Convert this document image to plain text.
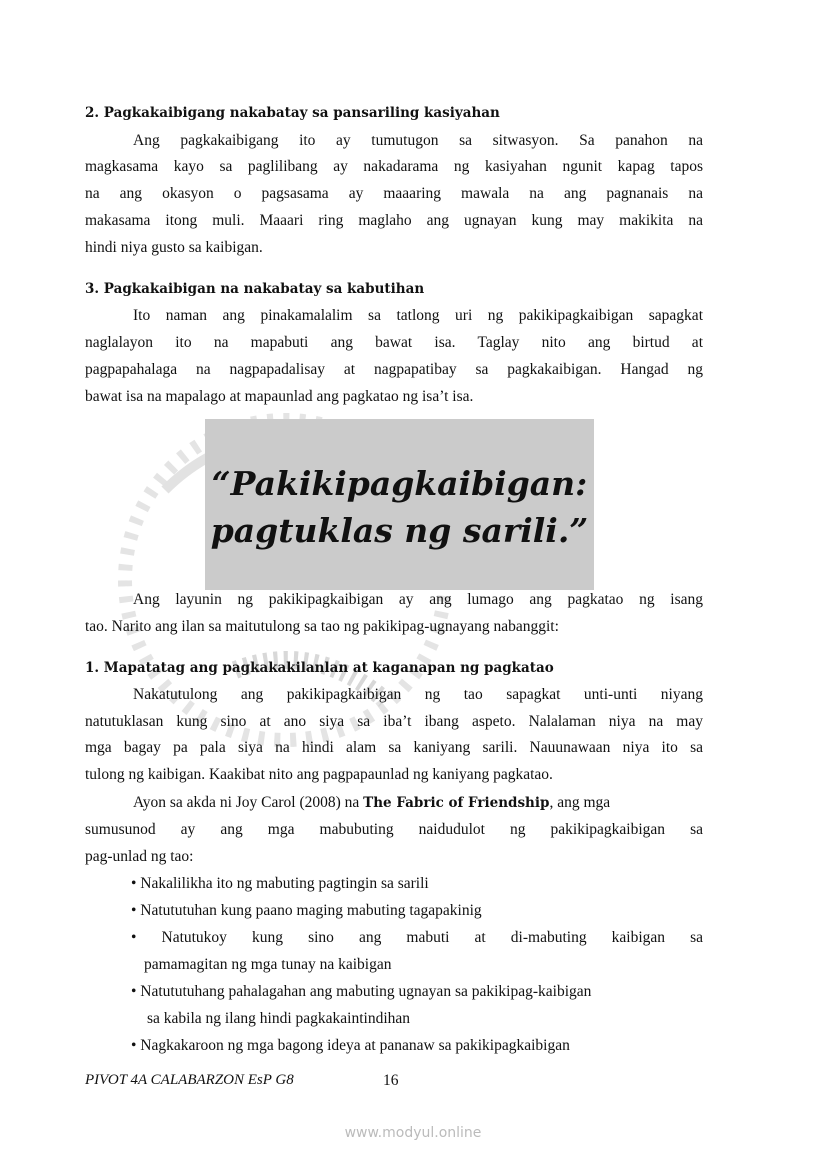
2. Pagkakaibigang nakabatay sa pansariling kasiyahan
Ang pagkakaibigang ito ay tumutugon sa sitwasyon. Sa panahon na
magkasama kayo sa paglilibang ay nakadarama ng kasiyahan ngunit kapag tapos
na ang okasyon o pagsasama ay maaaring mawala na ang pagnanais na
makasama itong muli. Maaari ring maglaho ang ugnayan kung may makikita na
hindi niya gusto sa kaibigan.
3. Pagkakaibigan na nakabatay sa kabutihan
Ito naman ang pinakamalalim sa tatlong uri ng pakikipagkaibigan sapagkat
naglalayon ito na mapabuti ang bawat isa. Taglay nito ang birtud at
pagpapahalaga na nagpapadalisay at nagpapatibay sa pagkakaibigan. Hangad ng
bawat isa na mapalago at mapaunlad ang pagkatao ng isa’t isa.
“Pakikipagkaibigan:
pagtuklas ng sarili.”
Ang layunin ng pakikipagkaibigan ay ang lumago ang pagkatao ng isang
tao. Narito ang ilan sa maitutulong sa tao ng pakikipag-ugnayang nabanggit:
1. Mapatatag ang pagkakakilanlan at kaganapan ng pagkatao
Nakatutulong ang pakikipagkaibigan ng tao sapagkat unti-unti niyang
natutuklasan kung sino at ano siya sa iba’t ibang aspeto. Nalalaman niya na may
mga bagay pa pala siya na hindi alam sa kaniyang sarili. Nauunawaan niya ito sa
tulong ng kaibigan. Kaakibat nito ang pagpapaunlad ng kaniyang pagkatao.
Ayon sa akda ni Joy Carol (2008) na The Fabric of Friendship, ang mga
sumusunod ay ang mga mabubuting naidudulot ng pakikipagkaibigan sa
pag-unlad ng tao:
• Nakalilikha ito ng mabuting pagtingin sa sarili
• Natututuhan kung paano maging mabuting tagapakinig
• Natutukoy kung sino ang mabuti at di-mabuting kaibigan sa
pamamagitan ng mga tunay na kaibigan
• Natututuhang pahalagahan ang mabuting ugnayan sa pakikipag-kaibigan
sa kabila ng ilang hindi pagkakaintindihan
• Nagkakaroon ng mga bagong ideya at pananaw sa pakikipagkaibigan
PIVOT 4A CALABARZON EsP G8	16
www.modyul.online
